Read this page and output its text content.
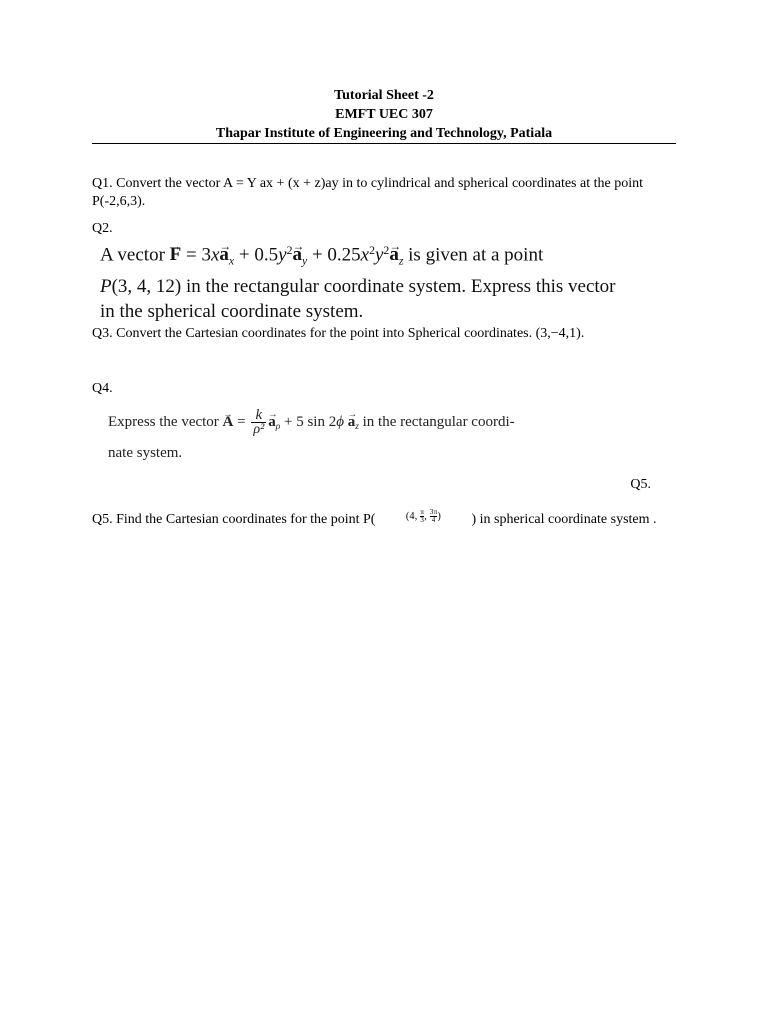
Tutorial Sheet -2
EMFT UEC 307
Thapar Institute of Engineering and Technology, Patiala
Q1. Convert the vector A = Y ax + (x + z)ay in to cylindrical and spherical coordinates at the point P(-2,6,3).
Q2.
A vector → $F = 3x\to a_x + 0.5y^2\to a_y + 0.25x^2y^2\to a_z$ is given at a point
P(3, 4, 12) in the rectangular coordinate system. Express this vector
in the spherical coordinate system.
Q3. Convert the Cartesian coordinates for the point into Spherical coordinates. (3,−4,1).
Q4.
Express the vector → $A = \frac{k}{\text{ρ²}}$
→ $a_\rho + 5$ $\sin 2\phi \to a_z$ in the rectangular coordi-
nate system.
Q5.
Q5. Find the Cartesian coordinates for the point P(	(4, $\frac{\pi}{3}$ , $\frac{3\pi}{4}$ ) ) in spherical coordinate system .
